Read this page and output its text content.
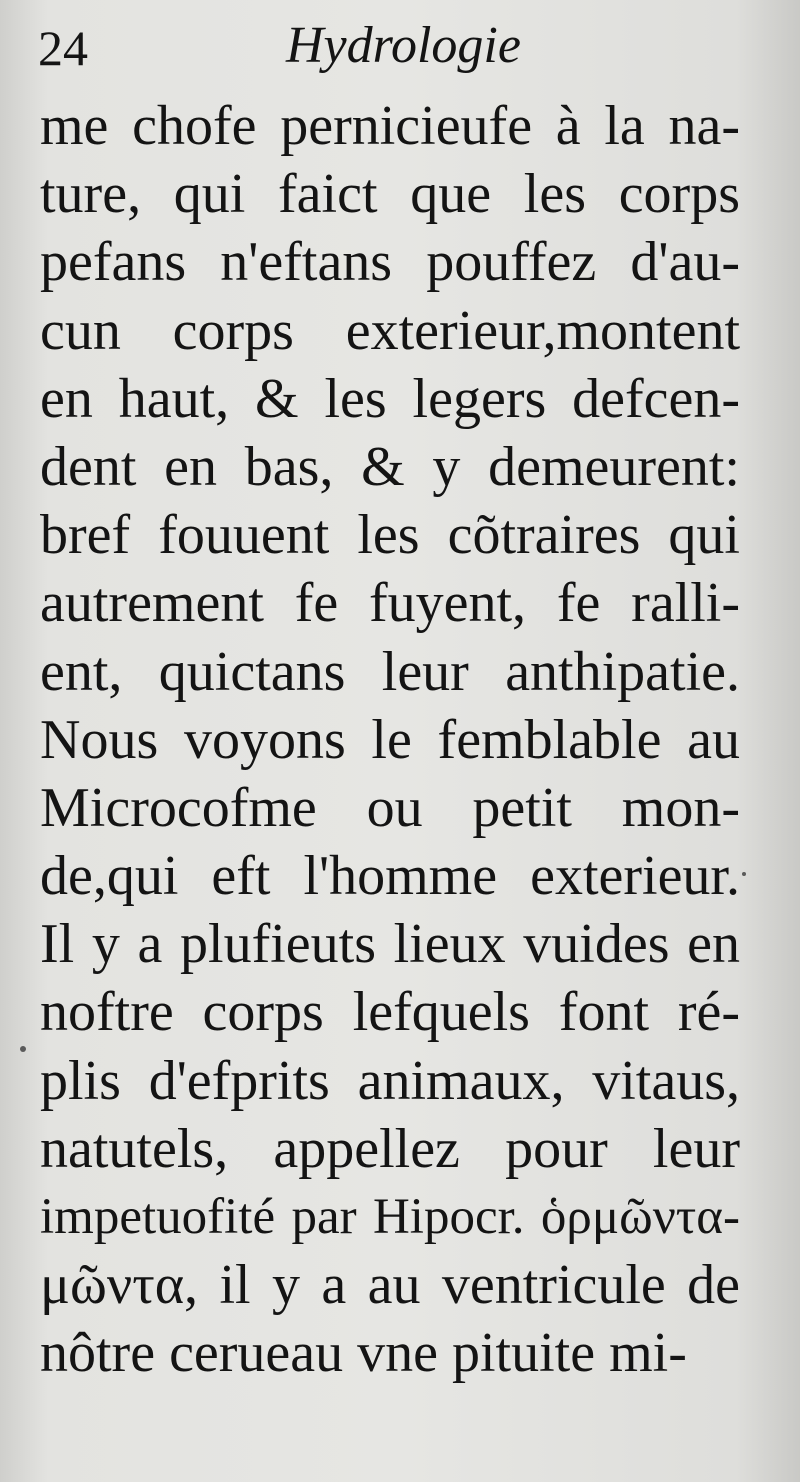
24	Hydrologie
me chofe pernicieufe à la na-
ture, qui faict que les corps
pefans n'eftans pouffez d'au-
cun corps exterieur,montent
en haut, & les legers defcen-
dent en bas, & y demeurent:
bref fouuent les cõtraires qui
autrement fe fuyent, fe ralli-
ent, quictans leur anthipatie.
Nous voyons le femblable au
Microcofme ou petit mon-
de,qui eft l'homme exterieur.
Il y a plufieuts lieux vuides en
noftre corps lefquels font ré-
plis d'efprits animaux, vitaus,
natutels, appellez pour leur
impetuofité par Hipocr. ὁρμῶντα-
μῶντα, il y a au ventricule de
nôtre cerueau vne pituite mi-
